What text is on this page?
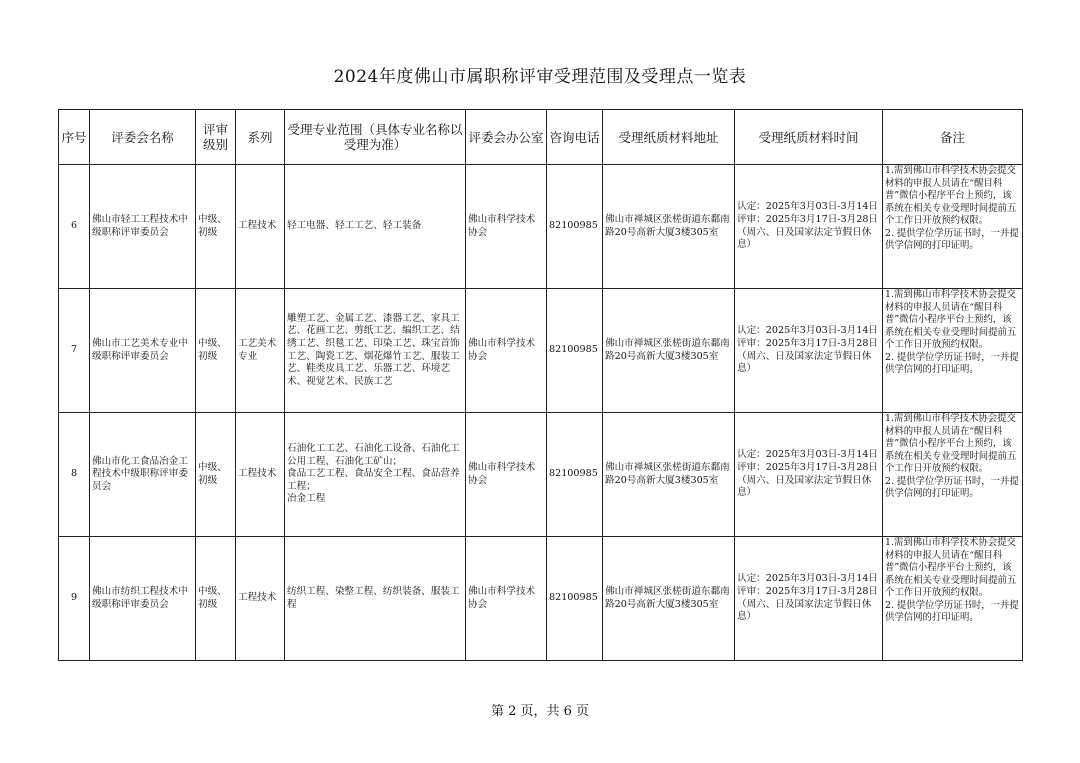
2024年度佛山市属职称评审受理范围及受理点一览表
序号	评委会名称	评审级别	系列	受理专业范围（具体专业名称以受理为准）	评委会办公室	咨询电话	受理纸质材料地址	受理纸质材料时间	备注
6	佛山市轻工工程技术中级职称评审委员会	中级、初级	工程技术	轻工电器、轻工工艺、轻工装备	佛山市科学技术协会	82100985	佛山市禅城区张槎街道东鄱南路20号高新大厦3楼305室	认定：2025年3月03日-3月14日
评审：2025年3月17日-3月28日 （周六、日及国家法定节假日休息）	1.需到佛山市科学技术协会提交材料的申报人员请在“醒目科普”微信小程序平台上预约，该系统在相关专业受理时间提前五个工作日开放预约权限。
2. 提供学位学历证书时，一并提供学信网的打印证明。
7	佛山市工艺美术专业中级职称评审委员会	中级、初级	工艺美术专业	雕塑工艺、金属工艺、漆器工艺、家具工艺、花画工艺、剪纸工艺、编织工艺、结绣工艺、织毯工艺、印染工艺、珠宝首饰工艺、陶瓷工艺、烟花爆竹工艺、服装工艺、鞋类皮具工艺、乐器工艺、环境艺术、视觉艺术、民族工艺	佛山市科学技术协会	82100985	佛山市禅城区张槎街道东鄱南路20号高新大厦3楼305室	认定：2025年3月03日-3月14日
评审：2025年3月17日-3月28日 （周六、日及国家法定节假日休息）	1.需到佛山市科学技术协会提交材料的申报人员请在“醒目科普”微信小程序平台上预约，该系统在相关专业受理时间提前五个工作日开放预约权限。
2. 提供学位学历证书时，一并提供学信网的打印证明。
8	佛山市化工食品冶金工程技术中级职称评审委员会	中级、初级	工程技术	石油化工工艺、石油化工设备、石油化工公用工程、石油化工矿山；
食品工艺工程、食品安全工程、食品营养工程；
冶金工程	佛山市科学技术协会	82100985	佛山市禅城区张槎街道东鄱南路20号高新大厦3楼305室	认定：2025年3月03日-3月14日
评审：2025年3月17日-3月28日 （周六、日及国家法定节假日休息）	1.需到佛山市科学技术协会提交材料的申报人员请在“醒目科普”微信小程序平台上预约，该系统在相关专业受理时间提前五个工作日开放预约权限。
2. 提供学位学历证书时，一并提供学信网的打印证明。
9	佛山市纺织工程技术中级职称评审委员会	中级、初级	工程技术	纺织工程、染整工程、纺织装备、服装工程	佛山市科学技术协会	82100985	佛山市禅城区张槎街道东鄱南路20号高新大厦3楼305室	认定：2025年3月03日-3月14日
评审：2025年3月17日-3月28日 （周六、日及国家法定节假日休息）	1.需到佛山市科学技术协会提交材料的申报人员请在“醒目科普”微信小程序平台上预约，该系统在相关专业受理时间提前五个工作日开放预约权限。
2. 提供学位学历证书时，一并提供学信网的打印证明。
第 2 页，共 6 页
